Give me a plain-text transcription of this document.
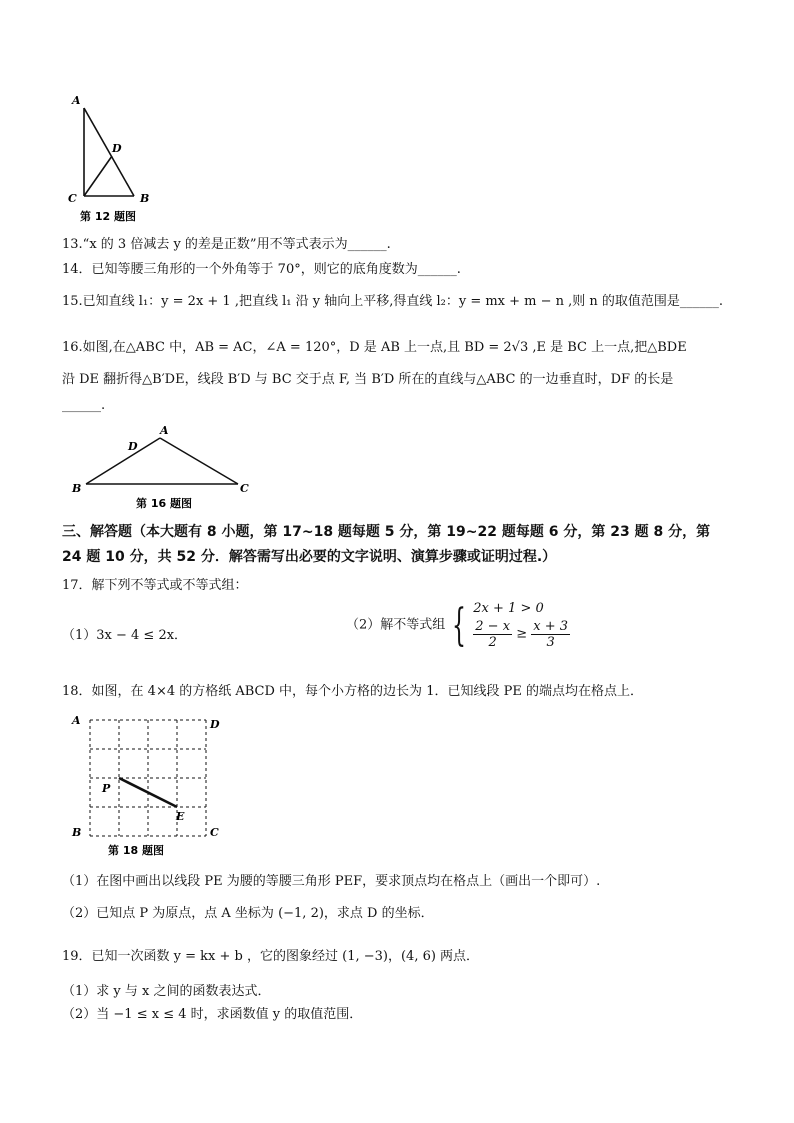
A
D
C	B
第 12 题图
13.“x 的 3 倍减去 y 的差是正数”用不等式表示为______.
14．已知等腰三角形的一个外角等于 70°，则它的底角度数为______.
15.已知直线 l₁：y = 2x + 1 ,把直线 l₁ 沿 y 轴向上平移,得直线 l₂：y = mx + m − n ,则 n 的取值范围是______.
16.如图,在△ABC 中，AB = AC，∠A = 120°，D 是 AB 上一点,且 BD = 2√3 ,E 是 BC 上一点,把△BDE
沿 DE 翻折得△B′DE，线段 B′D 与 BC 交于点 F, 当 B′D 所在的直线与△ABC 的一边垂直时，DF 的长是
______.
A
D
B	C
第 16 题图
三、解答题（本大题有 8 小题，第 17~18 题每题 5 分，第 19~22 题每题 6 分，第 23 题 8 分，第
24 题 10 分，共 52 分．解答需写出必要的文字说明、演算步骤或证明过程.）
17．解下列不等式或不等式组：
（1）3x − 4 ≤ 2x．
（2）解不等式组 { 2x + 1 > 0
$\frac{2 - x}{2} \ge \frac{x + 3}{3}$
18．如图，在 4×4 的方格纸 ABCD 中，每个小方格的边长为 1．已知线段 PE 的端点均在格点上．
A	D
B	C
P
E
第 18 题图
（1）在图中画出以线段 PE 为腰的等腰三角形 PEF，要求顶点均在格点上（画出一个即可）.
（2）已知点 P 为原点，点 A 坐标为 (−1, 2)，求点 D 的坐标．
19．已知一次函数 y = kx + b ，它的图象经过 (1, −3)，(4, 6) 两点．
（1）求 y 与 x 之间的函数表达式．
（2）当 −1 ≤ x ≤ 4 时，求函数值 y 的取值范围．
